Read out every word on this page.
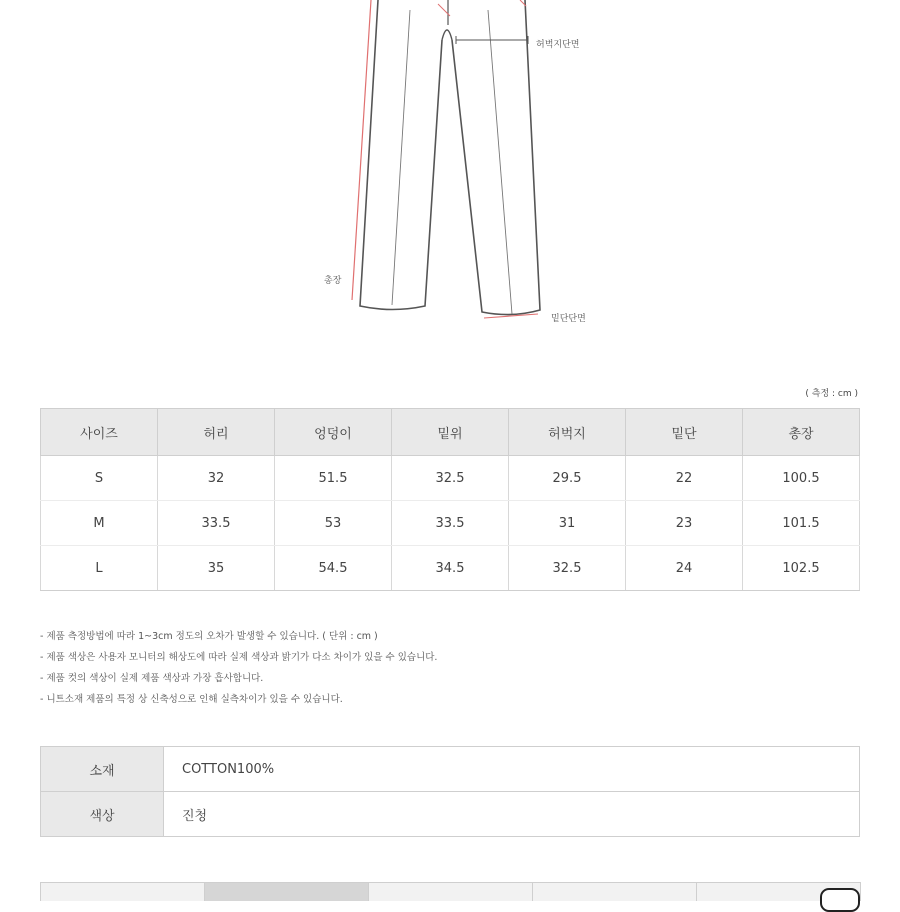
허벅지단면
총장
밑단단면
( 측정 : cm )
사이즈	허리	엉덩이	밑위	허벅지	밑단	총장
S	32	51.5	32.5	29.5	22	100.5
M	33.5	53	33.5	31	23	101.5
L	35	54.5	34.5	32.5	24	102.5
- 제품 측정방법에 따라 1~3cm 정도의 오차가 발생할 수 있습니다. ( 단위 : cm )
- 제품 색상은 사용자 모니터의 해상도에 따라 실제 색상과 밝기가 다소 차이가 있을 수 있습니다.
- 제품 컷의 색상이 실제 제품 색상과 가장 흡사합니다.
- 니트소재 제품의 특정 상 신축성으로 인해 실측차이가 있을 수 있습니다.
소재	COTTON100%
색상	진청
